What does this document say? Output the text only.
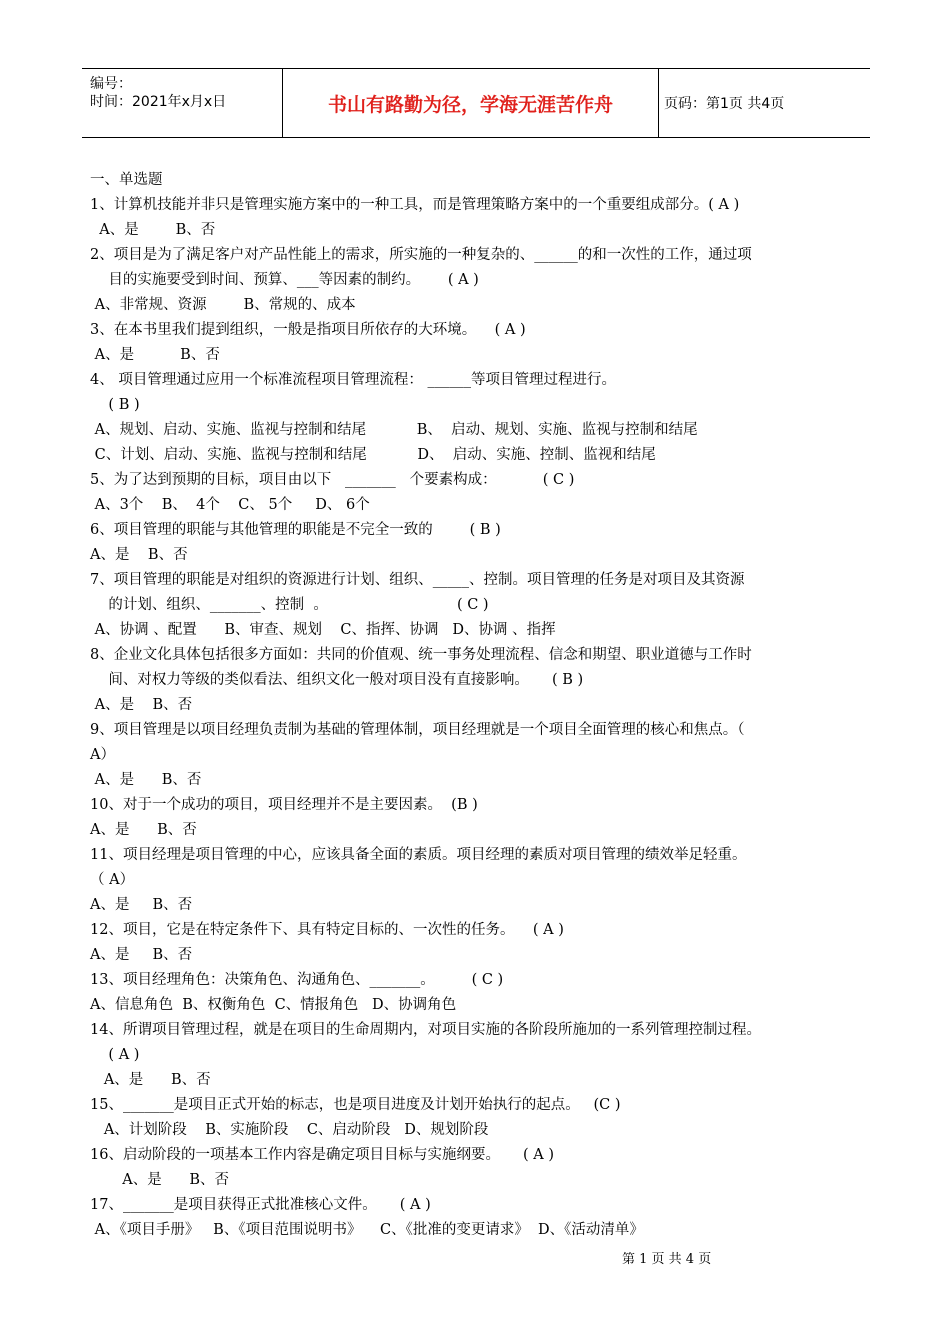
编号：
时间：2021年x月x日	书山有路勤为径，学海无涯苦作舟	页码：第1页 共4页
一、单选题
1、计算机技能并非只是管理实施方案中的一种工具，而是管理策略方案中的一个重要组成部分。( A )
A、是        B、否
2、项目是为了满足客户对产品性能上的需求，所实施的一种复杂的、______的和一次性的工作，通过项
目的实施要受到时间、预算、___等因素的制约。      ( A )
A、非常规、资源        B、常规的、成本
3、在本书里我们提到组织，一般是指项目所依存的大环境。    ( A )
A、是          B、否
4、 项目管理通过应用一个标准流程项目管理流程： ______等项目管理过程进行。
( B )
A、规划、启动、实施、监视与控制和结尾           B、  启动、规划、实施、监视与控制和结尾
C、计划、启动、实施、监视与控制和结尾           D、  启动、实施、控制、监视和结尾
5、为了达到预期的目标，项目由以下   _______   个要素构成：          ( C )
A、3个    B、  4个    C、 5个     D、 6个
6、项目管理的职能与其他管理的职能是不完全一致的        ( B )
A、是    B、否
7、项目管理的职能是对组织的资源进行计划、组织、_____、控制。项目管理的任务是对项目及其资源
的计划、组织、_______、控制  。                            ( C )
A、协调 、配置      B、审查、规划    C、指挥、协调   D、协调 、指挥
8、企业文化具体包括很多方面如：共同的价值观、统一事务处理流程、信念和期望、职业道德与工作时
间、对权力等级的类似看法、组织文化一般对项目没有直接影响。     ( B )
A、是    B、否
9、项目管理是以项目经理负责制为基础的管理体制，项目经理就是一个项目全面管理的核心和焦点。（
A）
A、是      B、否
10、对于一个成功的项目，项目经理并不是主要因素。  (B )
A、是      B、否
11、项目经理是项目管理的中心，应该具备全面的素质。项目经理的素质对项目管理的绩效举足轻重。
（ A）
A、是     B、否
12、项目，它是在特定条件下、具有特定目标的、一次性的任务。    ( A )
A、是     B、否
13、项目经理角色：决策角色、沟通角色、_______。        ( C )
A、信息角色  B、权衡角色  C、情报角色   D、协调角色
14、所谓项目管理过程，就是在项目的生命周期内，对项目实施的各阶段所施加的一系列管理控制过程。
( A )
A、是      B、否
15、_______是项目正式开始的标志，也是项目进度及计划开始执行的起点。   (C )
A、计划阶段    B、实施阶段    C、启动阶段   D、规划阶段
16、启动阶段的一项基本工作内容是确定项目目标与实施纲要。     ( A )
A、是      B、否
17、_______是项目获得正式批准核心文件。     ( A )
A、《项目手册》   B、《项目范围说明书》    C、《批准的变更请求》  D、《活动清单》
第 1 页 共 4 页
